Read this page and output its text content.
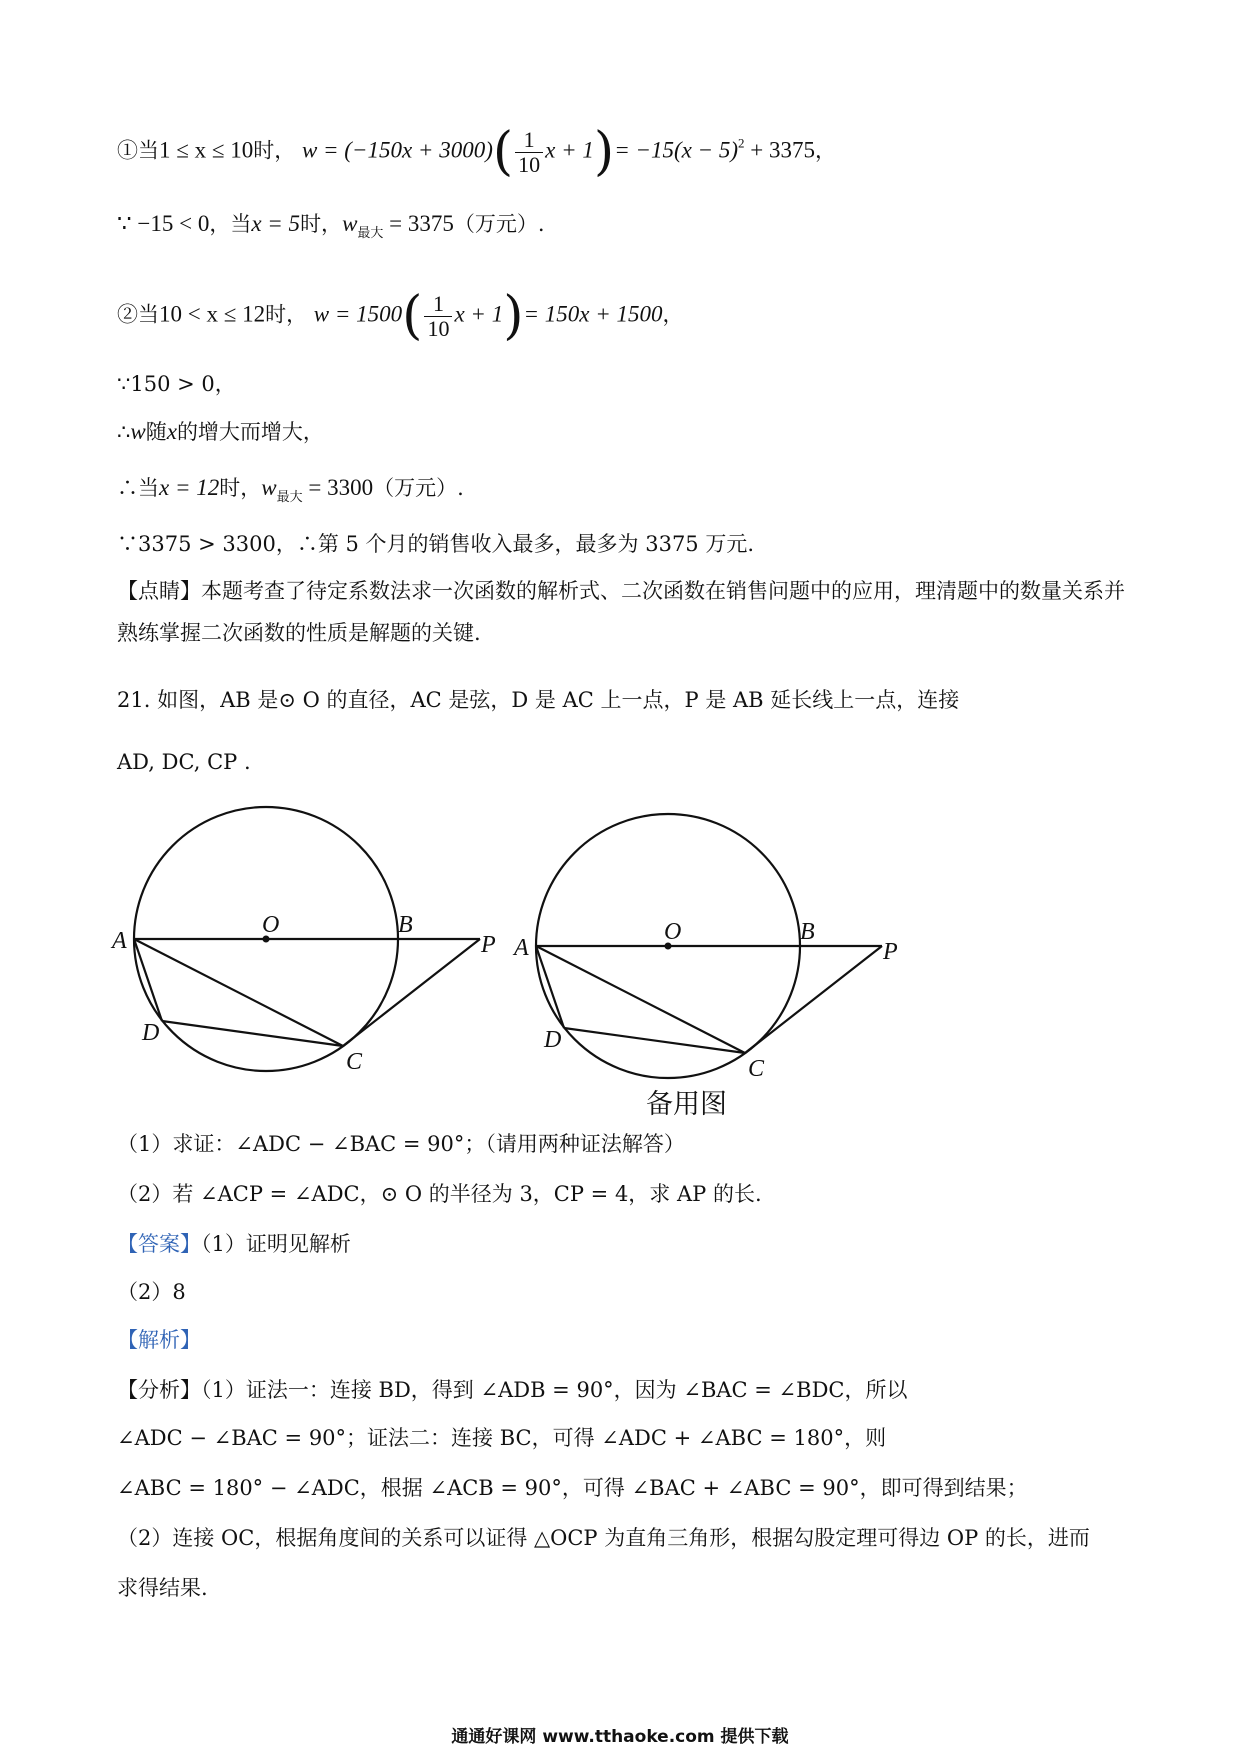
①当1 ≤ x ≤ 10时， $w = (-150x + 3000)( \frac{1}{10}$ $x + 1)= -15(x - 5)^2 + 3375$，
∵ −15 < 0，当x = 5时，$w_{最大} = 3375$（万元）.
②当10 < x ≤ 12时， $w = 1500( \frac{1}{10}$ x + 1)= 150x + 1500，
∵150 > 0，
∴w随x的增大而增大，
∴当x = 12时，$w_{最大} = 3300$（万元）.
∵3375 > 3300，∴第 5 个月的销售收入最多，最多为 3375 万元.
【点睛】本题考查了待定系数法求一次函数的解析式、二次函数在销售问题中的应用，理清题中的数量关系并熟练掌握二次函数的性质是解题的关键.
21. 如图，AB 是⊙ O 的直径，AC 是弦，D 是 AC 上一点，P 是 AB 延长线上一点，连接
AD, DC, CP .
A
O	B
P
D
C
A
O	B
P
D
C
备用图
（1）求证：∠ADC − ∠BAC = 90°；（请用两种证法解答）
（2）若 ∠ACP = ∠ADC，⊙ O 的半径为 3，CP = 4，求 AP 的长.
【答案】（1）证明见解析
（2）8
【解析】
【分析】（1）证法一：连接 BD，得到 ∠ADB = 90°，因为 ∠BAC = ∠BDC，所以
∠ADC − ∠BAC = 90°；证法二：连接 BC，可得 ∠ADC + ∠ABC = 180°，则
∠ABC = 180° − ∠ADC，根据 ∠ACB = 90°，可得 ∠BAC + ∠ABC = 90°，即可得到结果；
（2）连接 OC，根据角度间的关系可以证得 △OCP 为直角三角形，根据勾股定理可得边 OP 的长，进而
求得结果.
通通好课网 www.tthaoke.com 提供下载
